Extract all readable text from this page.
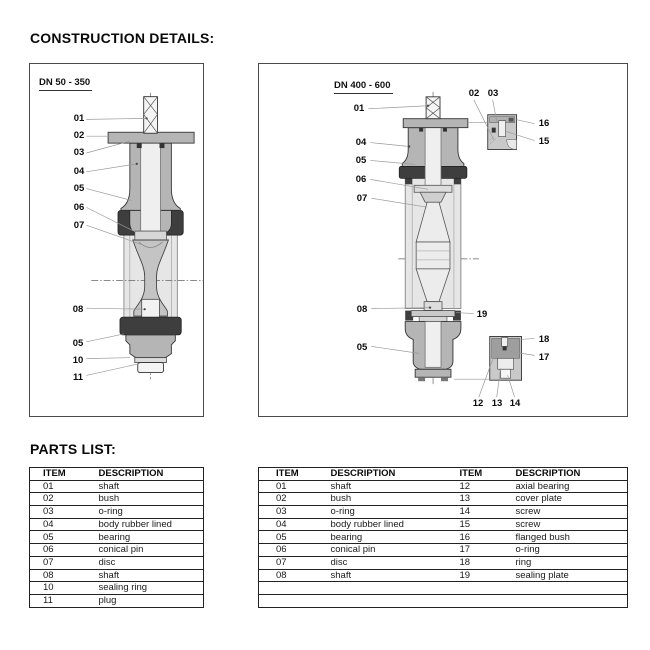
CONSTRUCTION DETAILS:
DN 50 - 350
01
02
03
04
05
06
07
08
05
10
11
DN 400 - 600
01
02 03
04
05
06
07
16
15
08	19
05
18
17
12 13 14
PARTS LIST:
ITEM	DESCRIPTION
01	shaft
02	bush
03	o-ring
04	body rubber lined
05	bearing
06	conical pin
07	disc
08	shaft
10	sealing ring
11	plug
ITEM	DESCRIPTION	ITEM	DESCRIPTION
01	shaft	12	axial bearing
02	bush	13	cover plate
03	o-ring	14	screw
04	body rubber lined	15	screw
05	bearing	16	flanged bush
06	conical pin	17	o-ring
07	disc	18	ring
08	shaft	19	sealing plate
